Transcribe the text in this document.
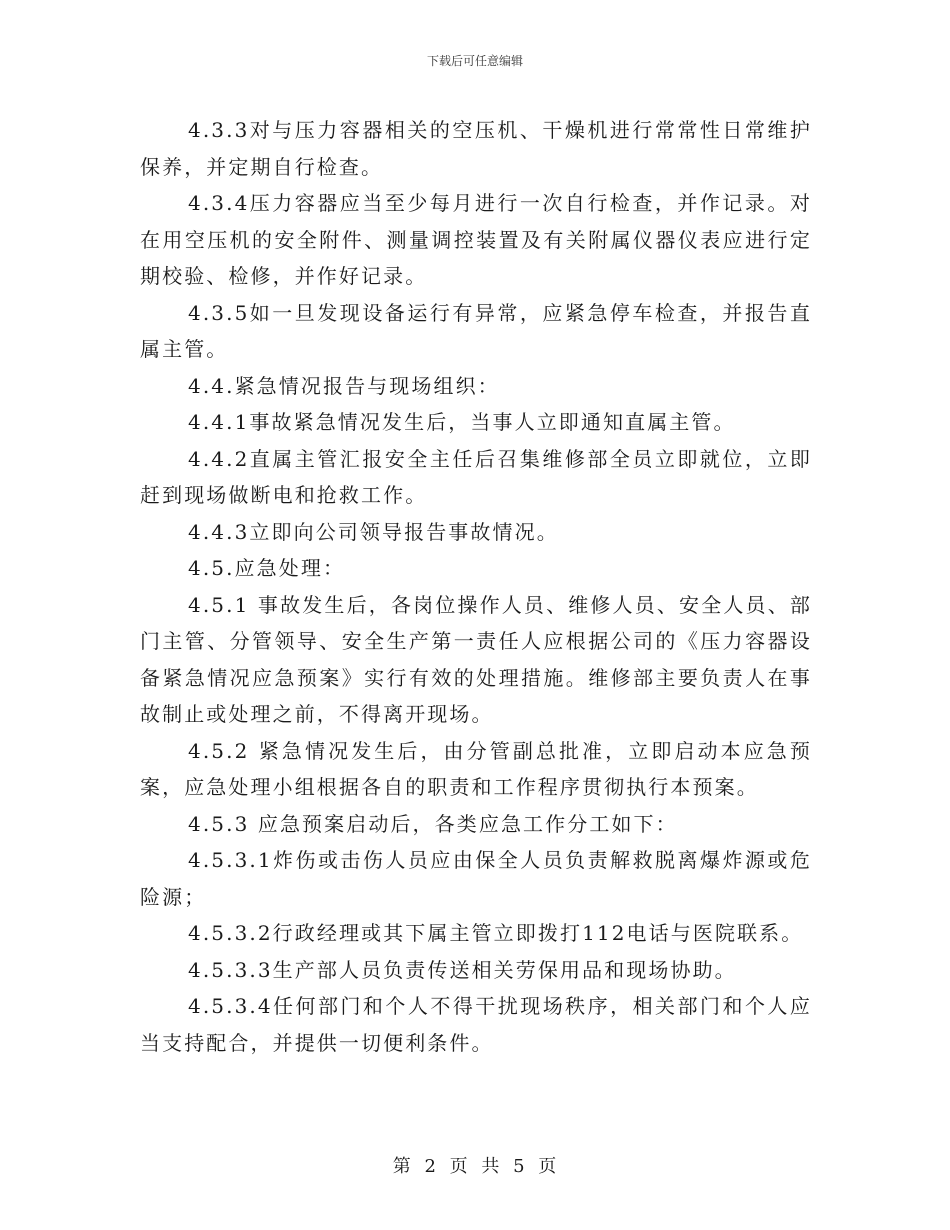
下载后可任意编辑

4.3.3对与压力容器相关的空压机、干燥机进行常常性日常维护保养，并定期自行检查。

4.3.4压力容器应当至少每月进行一次自行检查，并作记录。对在用空压机的安全附件、测量调控装置及有关附属仪器仪表应进行定期校验、检修，并作好记录。

4.3.5如一旦发现设备运行有异常，应紧急停车检查，并报告直属主管。

4.4.紧急情况报告与现场组织：

4.4.1事故紧急情况发生后，当事人立即通知直属主管。

4.4.2直属主管汇报安全主任后召集维修部全员立即就位，立即赶到现场做断电和抢救工作。

4.4.3立即向公司领导报告事故情况。

4.5.应急处理：

4.5.1 事故发生后，各岗位操作人员、维修人员、安全人员、部门主管、分管领导、安全生产第一责任人应根据公司的《压力容器设备紧急情况应急预案》实行有效的处理措施。维修部主要负责人在事故制止或处理之前，不得离开现场。

4.5.2 紧急情况发生后，由分管副总批准，立即启动本应急预案，应急处理小组根据各自的职责和工作程序贯彻执行本预案。

4.5.3 应急预案启动后，各类应急工作分工如下：

4.5.3.1炸伤或击伤人员应由保全人员负责解救脱离爆炸源或危险源；

4.5.3.2行政经理或其下属主管立即拨打112电话与医院联系。

4.5.3.3生产部人员负责传送相关劳保用品和现场协助。

4.5.3.4任何部门和个人不得干扰现场秩序，相关部门和个人应当支持配合，并提供一切便利条件。

第 2 页 共 5 页
